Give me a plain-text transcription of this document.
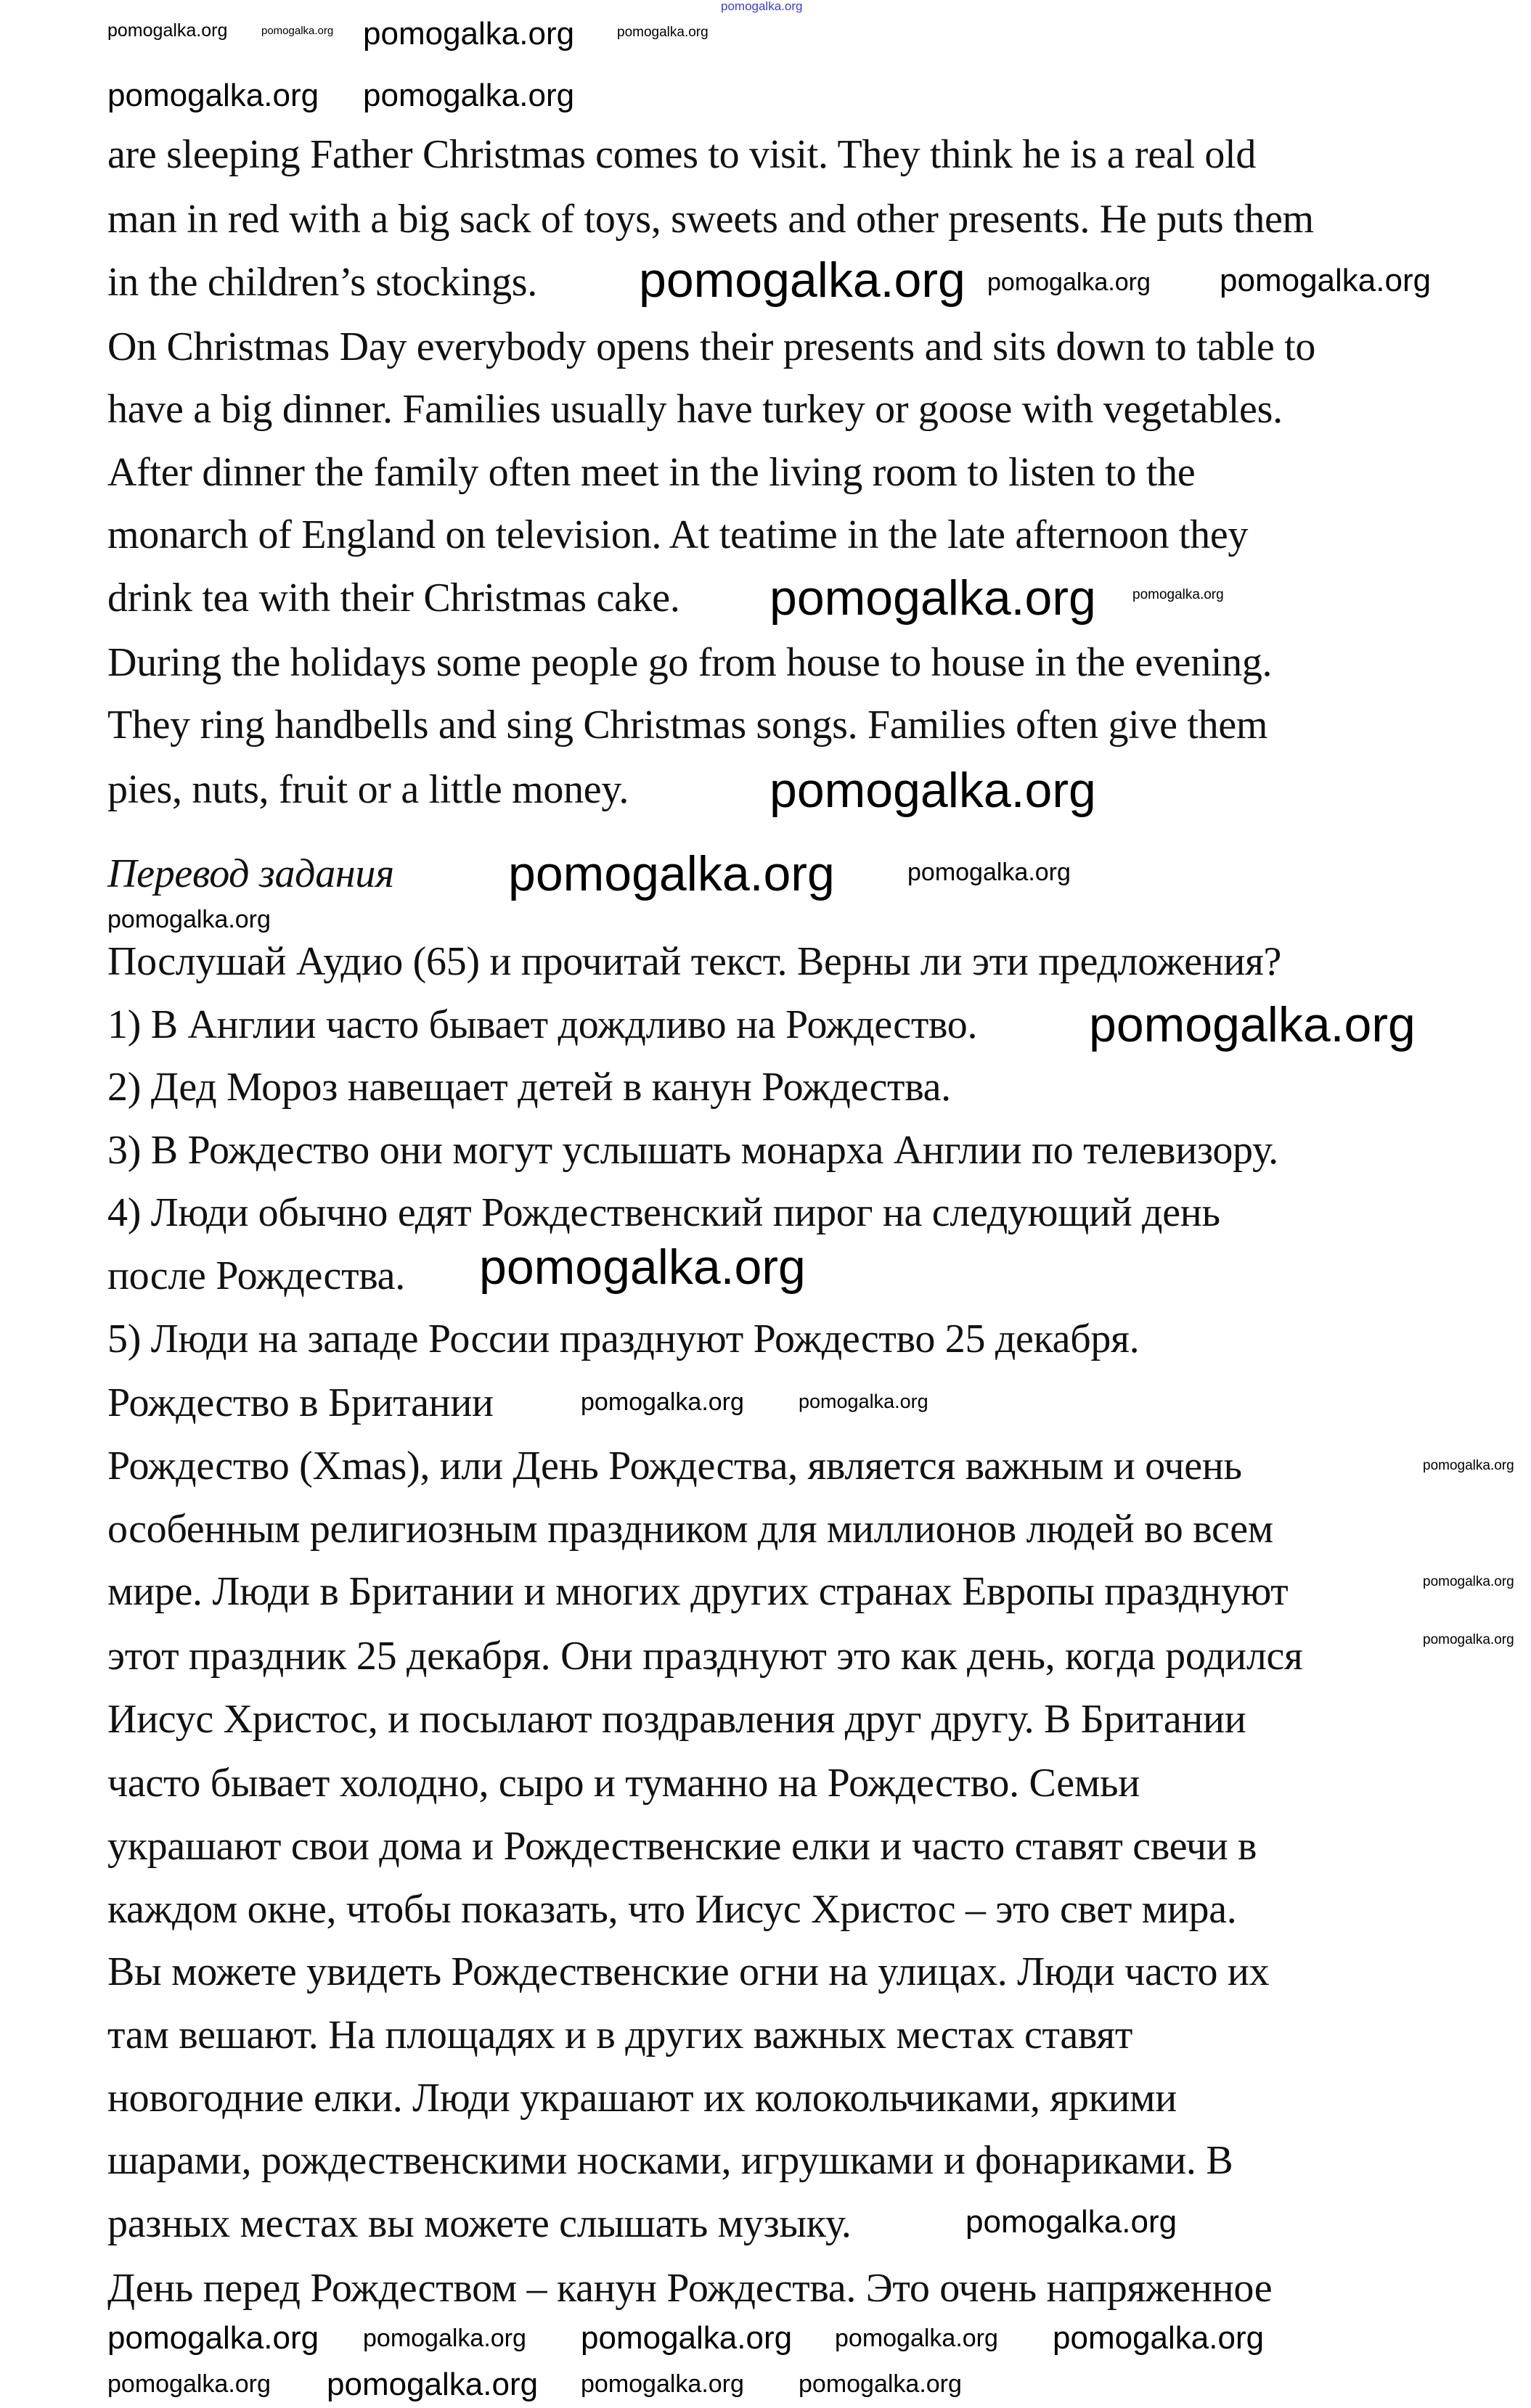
are sleeping Father Christmas comes to visit. They think he is a real old
man in red with a big sack of toys, sweets and other presents. He puts them
in the children’s stockings.
On Christmas Day everybody opens their presents and sits down to table to
have a big dinner. Families usually have turkey or goose with vegetables.
After dinner the family often meet in the living room to listen to the
monarch of England on television. At teatime in the late afternoon they
drink tea with their Christmas cake.
During the holidays some people go from house to house in the evening.
They ring handbells and sing Christmas songs. Families often give them
pies, nuts, fruit or a little money.
Перевод задания
Послушай Аудио (65) и прочитай текст. Верны ли эти предложения?
1) В Англии часто бывает дождливо на Рождество.
2) Дед Мороз навещает детей в канун Рождества.
3) В Рождество они могут услышать монарха Англии по телевизору.
4) Люди обычно едят Рождественский пирог на следующий день
после Рождества.
5) Люди на западе России празднуют Рождество 25 декабря.
Рождество в Британии
Рождество (Xmas), или День Рождества, является важным и очень
особенным религиозным праздником для миллионов людей во всем
мире. Люди в Британии и многих других странах Европы празднуют
этот праздник 25 декабря. Они празднуют это как день, когда родился
Иисус Христос, и посылают поздравления друг другу. В Британии
часто бывает холодно, сыро и туманно на Рождество. Семьи
украшают свои дома и Рождественские елки и часто ставят свечи в
каждом окне, чтобы показать, что Иисус Христос – это свет мира.
Вы можете увидеть Рождественские огни на улицах. Люди часто их
там вешают. На площадях и в других важных местах ставят
новогодние елки. Люди украшают их колокольчиками, яркими
шарами, рождественскими носками, игрушками и фонариками. В
разных местах вы можете слышать музыку.
День перед Рождеством – канун Рождества. Это очень напряженное
pomogalka.org
pomogalka.org	pomogalka.org pomogalka.org	pomogalka.org
pomogalka.org pomogalka.org pomogalka.org
pomogalka.org	pomogalka.org
pomogalka.org
pomogalka.org	pomogalka.org
pomogalka.org
pomogalka.org
pomogalka.org
pomogalka.org	pomogalka.org
pomogalka.org
pomogalka.org
pomogalka.org
pomogalka.org
pomogalka.org pomogalka.org pomogalka.org pomogalka.org pomogalka.org
pomogalka.org pomogalka.org pomogalka.org pomogalka.org
pomogalka.org pomogalka.org
